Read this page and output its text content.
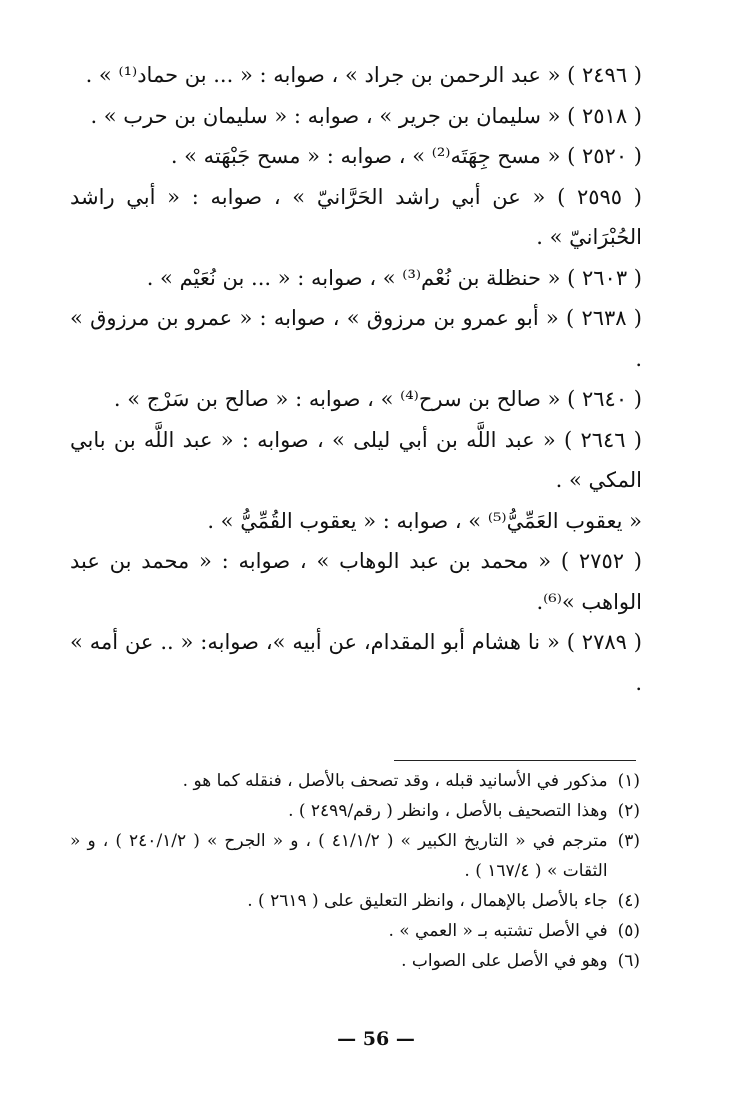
( ٢٤٩٦ ) « عبد الرحمن بن جراد » ، صوابه : « ... بن حماد⁽¹⁾ » .
( ٢٥١٨ ) « سليمان بن جرير » ، صوابه : « سليمان بن حرب » .
( ٢٥٢٠ ) « مسح جِهَتَه⁽²⁾ » ، صوابه : « مسح جَبْهَته » .
( ٢٥٩٥ ) « عن أبي راشد الحَرَّانيّ » ، صوابه : « أبي راشد الحُبْرَانيّ » .
( ٢٦٠٣ ) « حنظلة بن نُعْم⁽³⁾ » ، صوابه : « ... بن نُعَيْم » .
( ٢٦٣٨ ) « أبو عمرو بن مرزوق » ، صوابه : « عمرو بن مرزوق » .
( ٢٦٤٠ ) « صالح بن سرح⁽⁴⁾ » ، صوابه : « صالح بن سَرْج » .
( ٢٦٤٦ ) « عبد اللَّه بن أبي ليلى » ، صوابه : « عبد اللَّه بن بابي المكي » .
« يعقوب العَمِّيُّ⁽⁵⁾ » ، صوابه : « يعقوب القُمِّيُّ » .
( ٢٧٥٢ ) « محمد بن عبد الوهاب » ، صوابه : « محمد بن عبد الواهب »⁽⁶⁾.
( ٢٧٨٩ ) « نا هشام أبو المقدام، عن أبيه »، صوابه: « .. عن أمه » .
(١)
مذكور في الأسانيد قبله ، وقد تصحف بالأصل ، فنقله كما هو .
(٢)
وهذا التصحيف بالأصل ، وانظر ( رقم/٢٤٩٩ ) .
(٣)
مترجم في « التاريخ الكبير » ( ٤١/١/٢ ) ، و « الجرح » ( ٢٤٠/١/٢ ) ، و « الثقات » ( ١٦٧/٤ ) .
(٤)
جاء بالأصل بالإهمال ، وانظر التعليق على ( ٢٦١٩ ) .
(٥)
في الأصل تشتبه بـ « العمي » .
(٦)
وهو في الأصل على الصواب .
— 56 —
